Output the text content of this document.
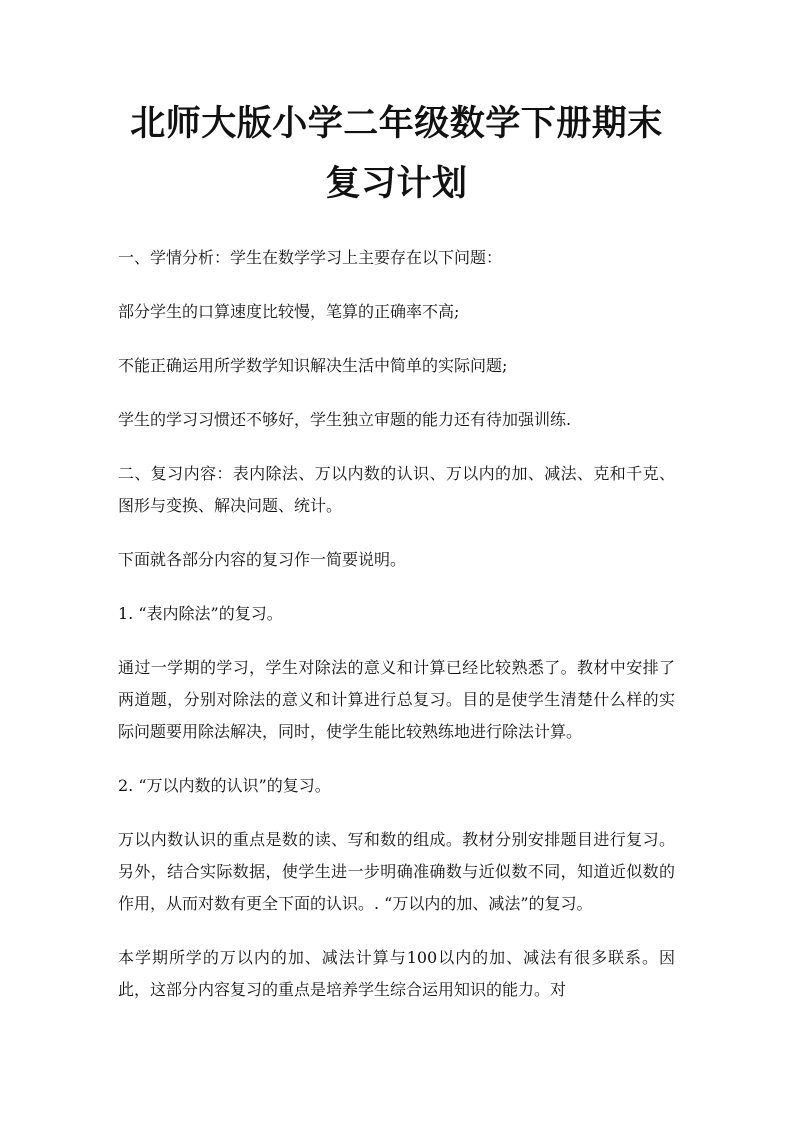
北师大版小学二年级数学下册期末复习计划

一、学情分析：学生在数学学习上主要存在以下问题：

部分学生的口算速度比较慢，笔算的正确率不高;

不能正确运用所学数学知识解决生活中简单的实际问题;

学生的学习习惯还不够好，学生独立审题的能力还有待加强训练.

二、复习内容：表内除法、万以内数的认识、万以内的加、减法、克和千克、图形与变换、解决问题、统计。

下面就各部分内容的复习作一简要说明。

1. “表内除法”的复习。

通过一学期的学习，学生对除法的意义和计算已经比较熟悉了。教材中安排了两道题，分别对除法的意义和计算进行总复习。目的是使学生清楚什么样的实际问题要用除法解决，同时，使学生能比较熟练地进行除法计算。

2. “万以内数的认识”的复习。

万以内数认识的重点是数的读、写和数的组成。教材分别安排题目进行复习。另外，结合实际数据，使学生进一步明确准确数与近似数不同，知道近似数的作用，从而对数有更全下面的认识。. “万以内的加、减法”的复习。

本学期所学的万以内的加、减法计算与100以内的加、减法有很多联系。因此，这部分内容复习的重点是培养学生综合运用知识的能力。对
